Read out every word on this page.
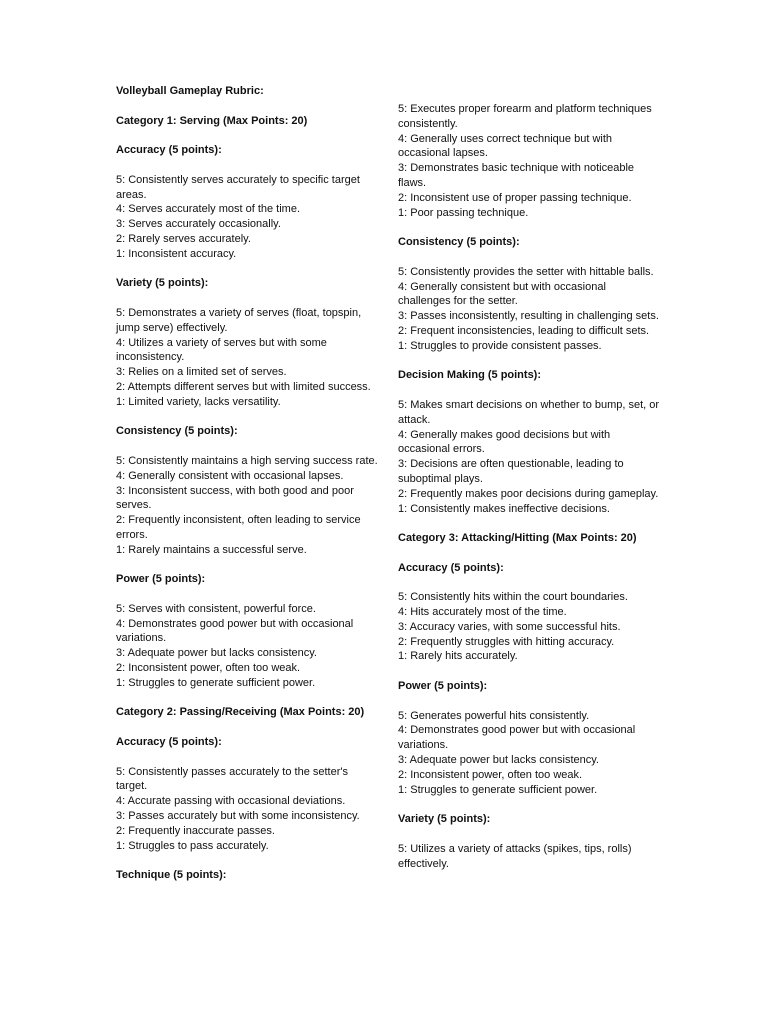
Volleyball Gameplay Rubric:
Category 1: Serving (Max Points: 20)
Accuracy (5 points):
5: Consistently serves accurately to specific target areas.
4: Serves accurately most of the time.
3: Serves accurately occasionally.
2: Rarely serves accurately.
1: Inconsistent accuracy.
Variety (5 points):
5: Demonstrates a variety of serves (float, topspin, jump serve) effectively.
4: Utilizes a variety of serves but with some inconsistency.
3: Relies on a limited set of serves.
2: Attempts different serves but with limited success.
1: Limited variety, lacks versatility.
Consistency (5 points):
5: Consistently maintains a high serving success rate.
4: Generally consistent with occasional lapses.
3: Inconsistent success, with both good and poor serves.
2: Frequently inconsistent, often leading to service errors.
1: Rarely maintains a successful serve.
Power (5 points):
5: Serves with consistent, powerful force.
4: Demonstrates good power but with occasional variations.
3: Adequate power but lacks consistency.
2: Inconsistent power, often too weak.
1: Struggles to generate sufficient power.
Category 2: Passing/Receiving (Max Points: 20)
Accuracy (5 points):
5: Consistently passes accurately to the setter's target.
4: Accurate passing with occasional deviations.
3: Passes accurately but with some inconsistency.
2: Frequently inaccurate passes.
1: Struggles to pass accurately.
Technique (5 points):
5: Executes proper forearm and platform techniques consistently.
4: Generally uses correct technique but with occasional lapses.
3: Demonstrates basic technique with noticeable flaws.
2: Inconsistent use of proper passing technique.
1: Poor passing technique.
Consistency (5 points):
5: Consistently provides the setter with hittable balls.
4: Generally consistent but with occasional challenges for the setter.
3: Passes inconsistently, resulting in challenging sets.
2: Frequent inconsistencies, leading to difficult sets.
1: Struggles to provide consistent passes.
Decision Making (5 points):
5: Makes smart decisions on whether to bump, set, or attack.
4: Generally makes good decisions but with occasional errors.
3: Decisions are often questionable, leading to suboptimal plays.
2: Frequently makes poor decisions during gameplay.
1: Consistently makes ineffective decisions.
Category 3: Attacking/Hitting (Max Points: 20)
Accuracy (5 points):
5: Consistently hits within the court boundaries.
4: Hits accurately most of the time.
3: Accuracy varies, with some successful hits.
2: Frequently struggles with hitting accuracy.
1: Rarely hits accurately.
Power (5 points):
5: Generates powerful hits consistently.
4: Demonstrates good power but with occasional variations.
3: Adequate power but lacks consistency.
2: Inconsistent power, often too weak.
1: Struggles to generate sufficient power.
Variety (5 points):
5: Utilizes a variety of attacks (spikes, tips, rolls) effectively.
